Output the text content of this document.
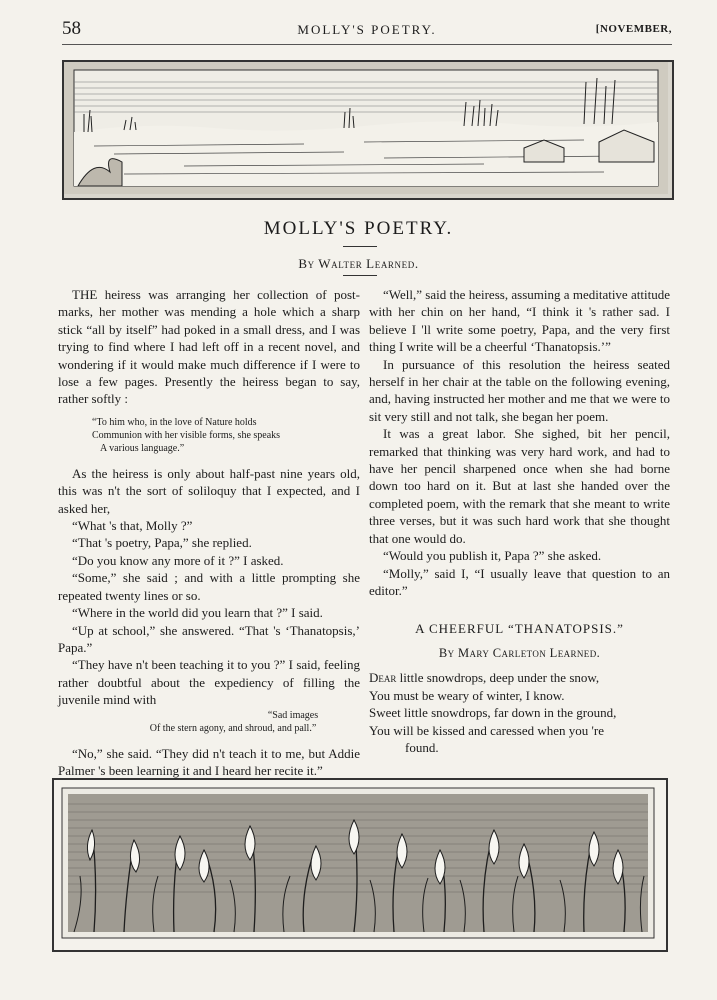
58	MOLLY'S POETRY.	[NOVEMBER,
MOLLY'S POETRY.
By Walter Learned.

THE heiress was arranging her collection of post-marks, her mother was mending a hole which a sharp stick “all by itself” had poked in a small dress, and I was trying to find where I had left off in a recent novel, and wondering if it would make much difference if I were to lose a few pages. Presently the heiress began to say, rather softly :

“To him who, in the love of Nature holds
Communion with her visible forms, she speaks
A various language.”

As the heiress is only about half-past nine years old, this was n't the sort of soliloquy that I expected, and I asked her,

“What 's that, Molly ?”

“That 's poetry, Papa,” she replied.

“Do you know any more of it ?” I asked.

“Some,” she said ; and with a little prompting she repeated twenty lines or so.

“Where in the world did you learn that ?” I said.

“Up at school,” she answered. “That 's ‘Thanatopsis,’ Papa.”

“They have n't been teaching it to you ?” I said, feeling rather doubtful about the expediency of filling the juvenile mind with

“Sad images
Of the stern agony, and shroud, and pall.”

“No,” she said. “They did n't teach it to me, but Addie Palmer 's been learning it and I heard her recite it.”

“Well,” said the heiress, assuming a meditative attitude with her chin on her hand, “I think it 's rather sad. I believe I 'll write some poetry, Papa, and the very first thing I write will be a cheerful ‘Thanatopsis.’”

In pursuance of this resolution the heiress seated herself in her chair at the table on the following evening, and, having instructed her mother and me that we were to sit very still and not talk, she began her poem.

It was a great labor. She sighed, bit her pencil, remarked that thinking was very hard work, and had to have her pencil sharpened once when she had borne down too hard on it. But at last she handed over the completed poem, with the remark that she meant to write three verses, but it was such hard work that she thought that one would do.

“Would you publish it, Papa ?” she asked.

“Molly,” said I, “I usually leave that question to an editor.”

A CHEERFUL “THANATOPSIS.”
By Mary Carleton Learned.

Dear little snowdrops, deep under the snow,

You must be weary of winter, I know.

Sweet little snowdrops, far down in the ground,

You will be kissed and caressed when you 're

found.
